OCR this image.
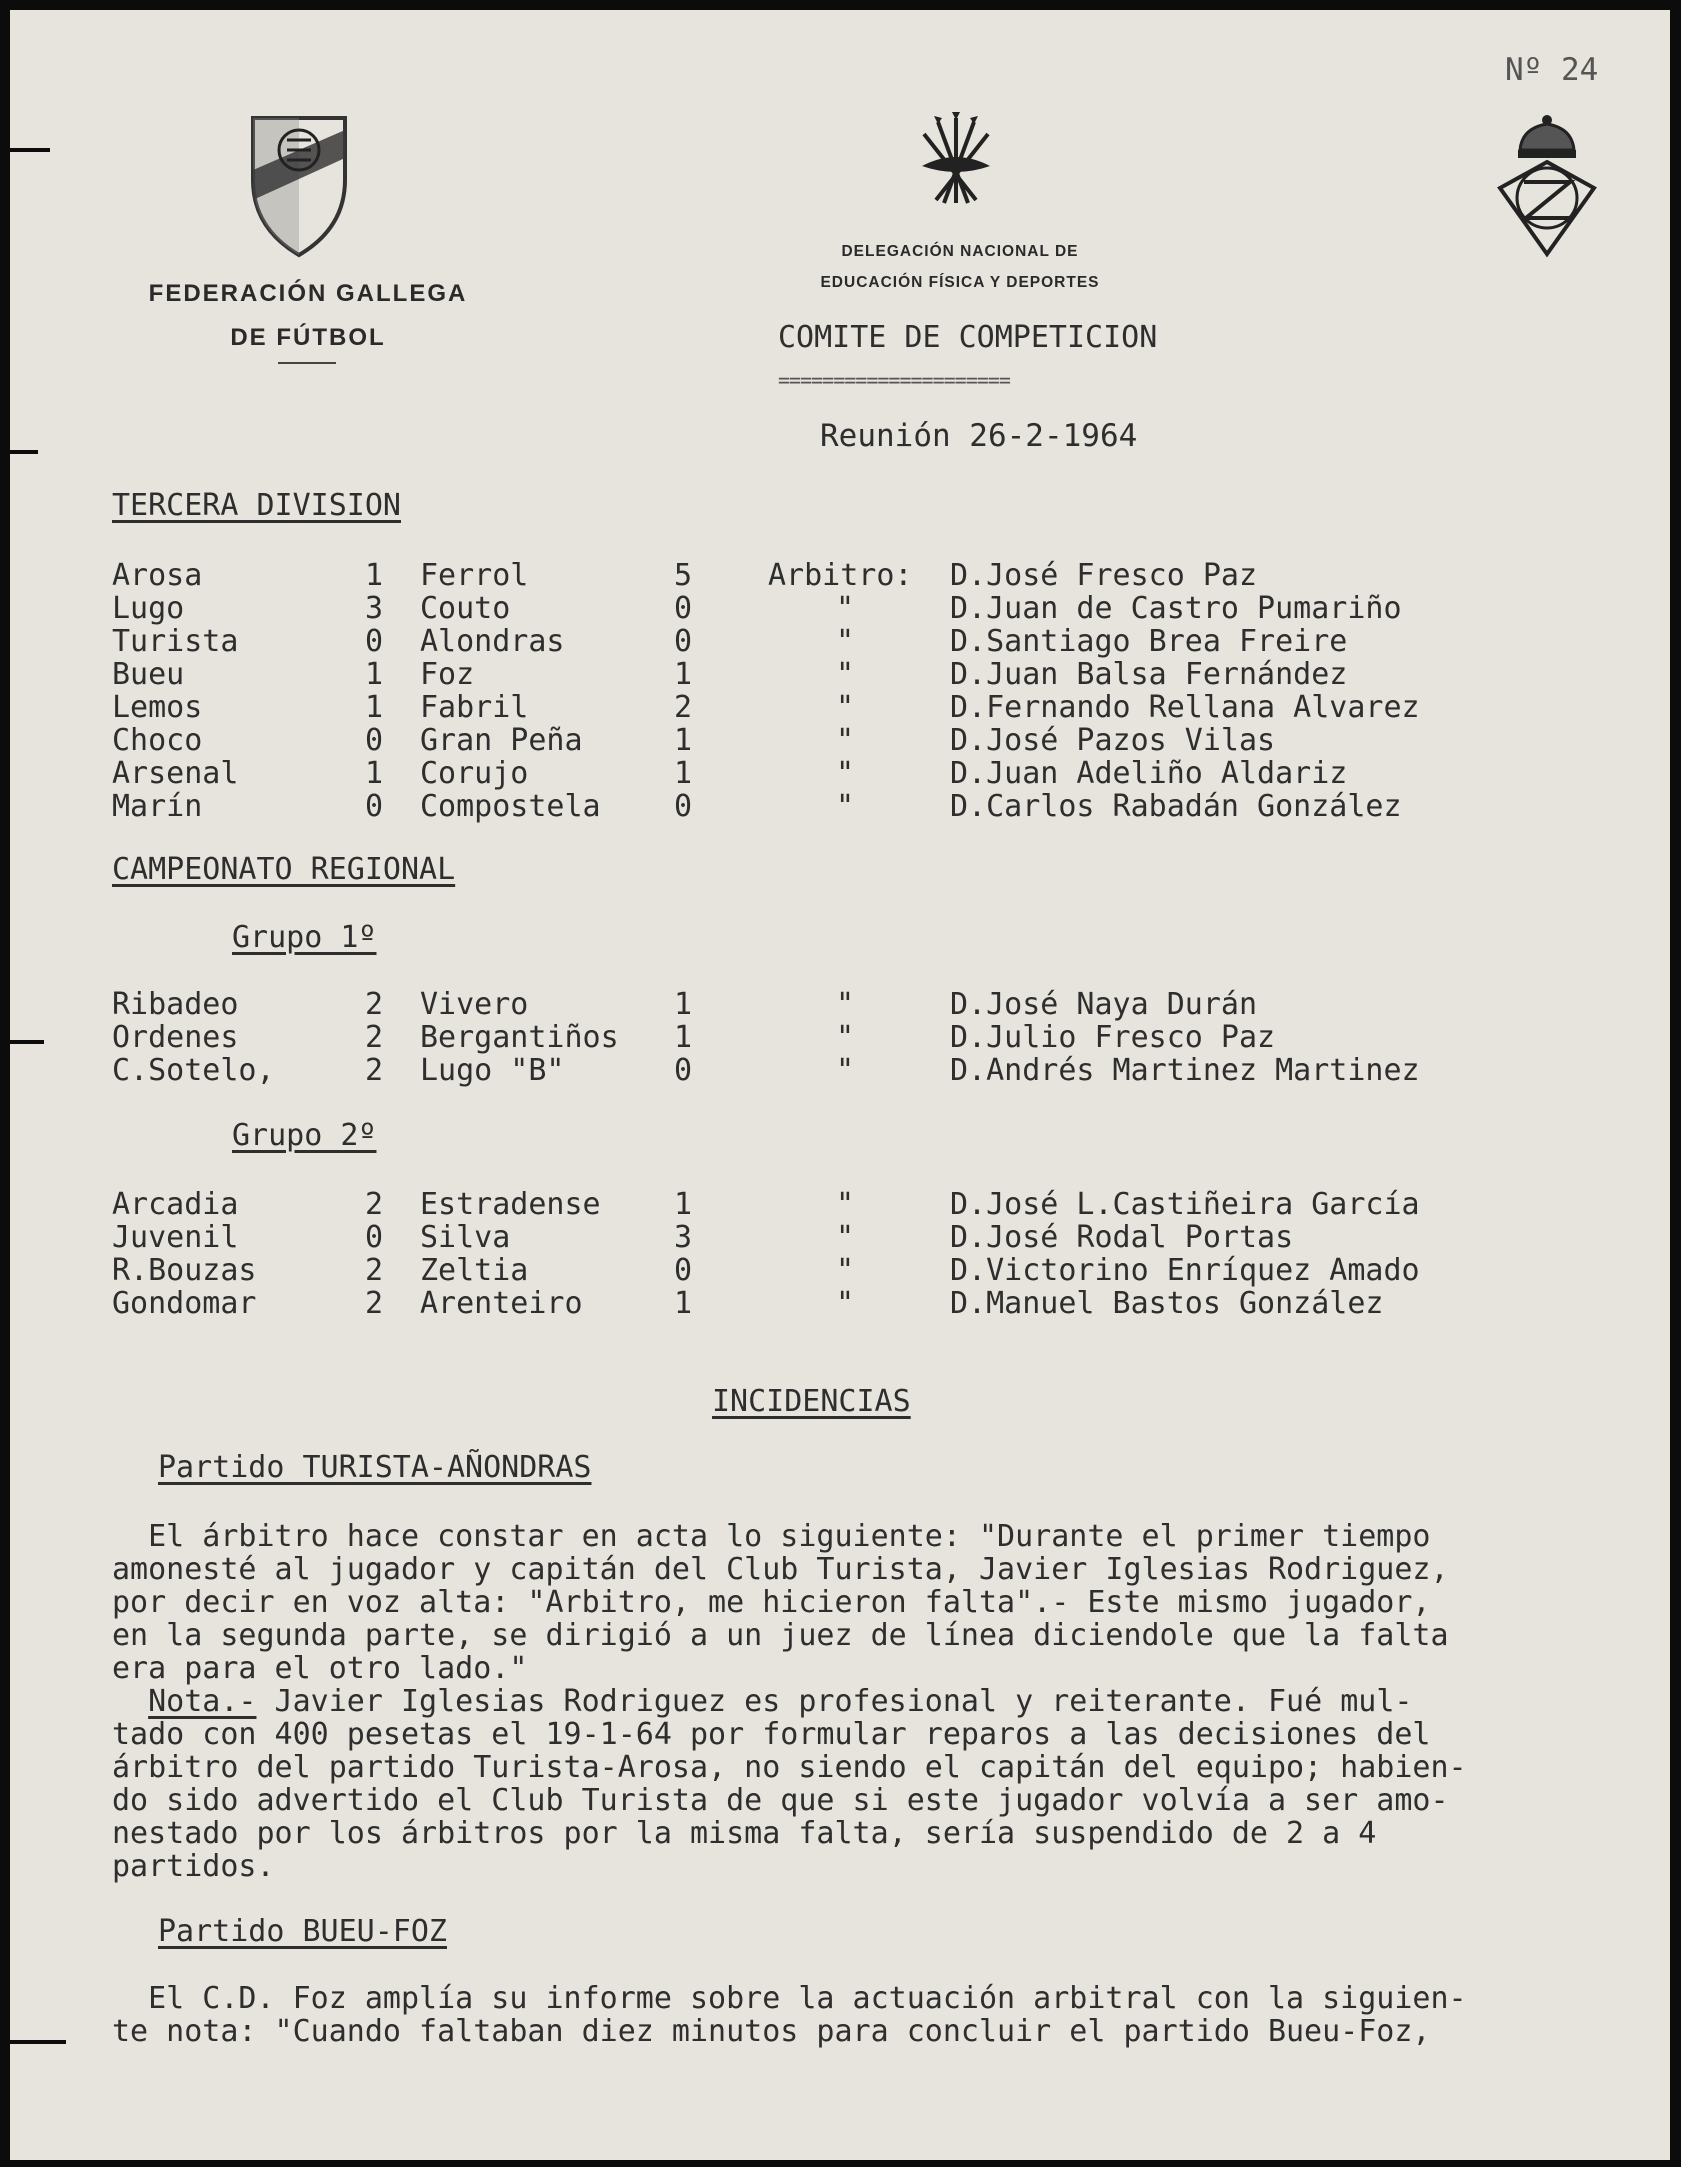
Nº 24
FEDERACIÓN GALLEGA
DE FÚTBOL
DELEGACIÓN NACIONAL DE
EDUCACIÓN FÍSICA Y DEPORTES
COMITE DE COMPETICION
=====================
Reunión 26-2-1964
TERCERA DIVISION
Arosa	1 Ferrol	5	Arbitro: D.José Fresco Paz
Lugo	3 Couto	0	"	D.Juan de Castro Pumariño
Turista	0 Alondras	0	"	D.Santiago Brea Freire
Bueu	1 Foz	1	"	D.Juan Balsa Fernández
Lemos	1 Fabril	2	"	D.Fernando Rellana Alvarez
Choco	0 Gran Peña	1	"	D.José Pazos Vilas
Arsenal	1 Corujo	1	"	D.Juan Adeliño Aldariz
Marín	0 Compostela 0	"	D.Carlos Rabadán González
CAMPEONATO REGIONAL
Grupo 1º
Ribadeo	2 Vivero	1	"	D.José Naya Durán
Ordenes	2 Bergantiños 1	"	D.Julio Fresco Paz
C.Sotelo,	2 Lugo "B"	0	"	D.Andrés Martinez Martinez
Grupo 2º
Arcadia	2 Estradense 1	"	D.José L.Castiñeira García
Juvenil	0 Silva	3	"	D.José Rodal Portas
R.Bouzas	2 Zeltia	0	"	D.Victorino Enríquez Amado
Gondomar	2 Arenteiro	1	"	D.Manuel Bastos González
INCIDENCIAS
Partido TURISTA-AÑONDRAS
El árbitro hace constar en acta lo siguiente: "Durante el primer tiempo
amonesté al jugador y capitán del Club Turista, Javier Iglesias Rodriguez,
por decir en voz alta: "Arbitro, me hicieron falta".- Este mismo jugador,
en la segunda parte, se dirigió a un juez de línea diciendole que la falta
era para el otro lado."
Nota.- Javier Iglesias Rodriguez es profesional y reiterante. Fué mul-
tado con 400 pesetas el 19-1-64 por formular reparos a las decisiones del
árbitro del partido Turista-Arosa, no siendo el capitán del equipo; habien-
do sido advertido el Club Turista de que si este jugador volvía a ser amo-
nestado por los árbitros por la misma falta, sería suspendido de 2 a 4
partidos.
Partido BUEU-FOZ
El C.D. Foz amplía su informe sobre la actuación arbitral con la siguien-
te nota: "Cuando faltaban diez minutos para concluir el partido Bueu-Foz,
